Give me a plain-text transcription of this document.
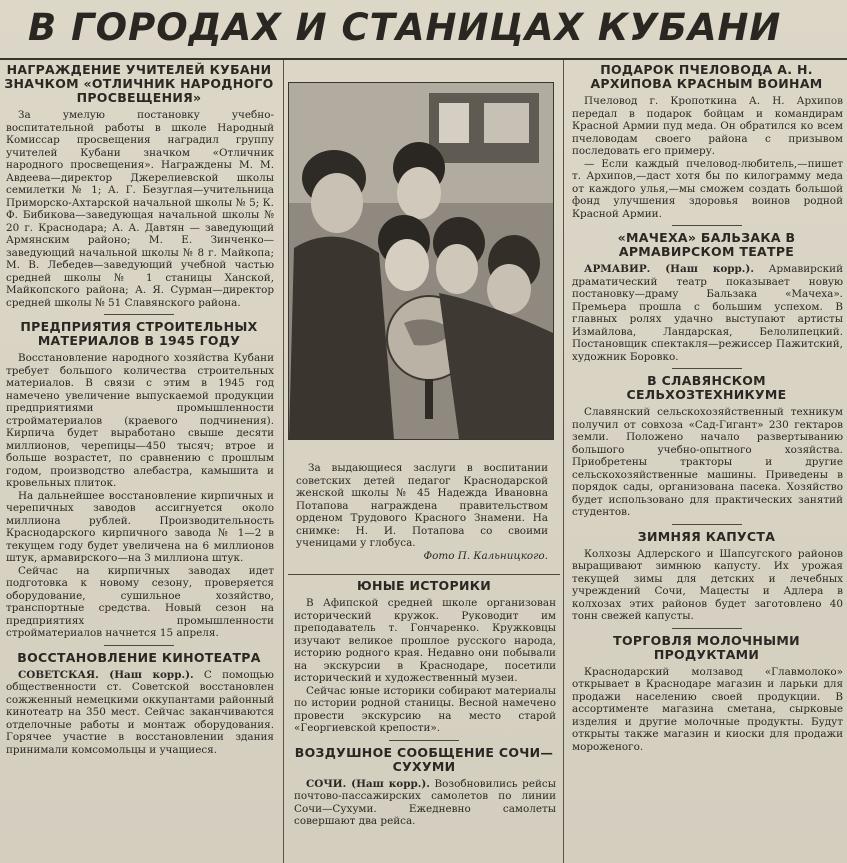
В ГОРОДАХ И СТАНИЦАХ КУБАНИ
НАГРАЖДЕНИЕ УЧИТЕЛЕЙ КУБАНИ ЗНАЧКОМ «ОТЛИЧНИК НАРОДНОГО ПРОСВЕЩЕНИЯ»

За умелую постановку учебно-воспитательной работы в школе Народный Комиссар просвещения наградил группу учителей Кубани значком «Отличник народного просвещения». Награждены М. М. Авдеева—директор Джерелиевской школы семилетки № 1; А. Г. Безуглая—учительница Приморско-Ахтарской начальной школы № 5; К. Ф. Бибикова—заведующая начальной школы № 20 г. Краснодара; А. А. Давтян — заведующий Армянским районо; М. Е. Зинченко—заведующий начальной школы № 8 г. Майкопа; М. В. Лебедев—заведующий учебной частью средней школы № 1 станицы Ханской, Майкопского района; А. Я. Сурман—директор средней школы № 51 Славянского района.

ПРЕДПРИЯТИЯ СТРОИТЕЛЬНЫХ МАТЕРИАЛОВ В 1945 ГОДУ

Восстановление народного хозяйства Кубани требует большого количества строительных материалов. В связи с этим в 1945 год намечено увеличение выпускаемой продукции предприятиями промышленности стройматериалов (краевого подчинения). Кирпича будет выработано свыше десяти миллионов, черепицы—450 тысяч; втрое и больше возрастет, по сравнению с прошлым годом, производство алебастра, камышита и кровельных плиток.

На дальнейшее восстановление кирпичных и черепичных заводов ассигнуется около миллиона рублей. Производительность Краснодарского кирпичного завода № 1—2 в текущем году будет увеличена на 6 миллионов штук, армавирского—на 3 миллиона штук.

Сейчас на кирпичных заводах идет подготовка к новому сезону, проверяется оборудование, сушильное хозяйство, транспортные средства. Новый сезон на предприятиях промышленности стройматериалов начнется 15 апреля.

ВОССТАНОВЛЕНИЕ КИНОТЕАТРА

СОВЕТСКАЯ. (Наш корр.). С помощью общественности ст. Советской восстановлен сожженный немецкими оккупантами районный кинотеатр на 350 мест. Сейчас заканчиваются отделочные работы и монтаж оборудования. Горячее участие в восстановлении здания принимали комсомольцы и учащиеся.

За выдающиеся заслуги в воспитании советских детей педагог Краснодарской женской школы № 45 Надежда Ивановна Потапова награждена правительством орденом Трудового Красного Знамени. На снимке: Н. И. Потапова со своими ученицами у глобуса.

Фото П. Кальницкого.
ЮНЫЕ ИСТОРИКИ

В Афипской средней школе организован исторический кружок. Руководит им преподаватель т. Гончаренко. Кружковцы изучают великое прошлое русского народа, историю родного края. Недавно они побывали на экскурсии в Краснодаре, посетили исторический и художественный музеи.

Сейчас юные историки собирают материалы по истории родной станицы. Весной намечено провести экскурсию на место старой «Георгиевской крепости».

ВОЗДУШНОЕ СООБЩЕНИЕ СОЧИ—СУХУМИ

СОЧИ. (Наш корр.). Возобновились рейсы почтово-пассажирских самолетов по линии Сочи—Сухуми. Ежедневно самолеты совершают два рейса.

ПОДАРОК ПЧЕЛОВОДА А. Н. АРХИПОВА КРАСНЫМ ВОИНАМ

Пчеловод г. Кропоткина А. Н. Архипов передал в подарок бойцам и командирам Красной Армии пуд меда. Он обратился ко всем пчеловодам своего района с призывом последовать его примеру.

— Если каждый пчеловод-любитель,—пишет т. Архипов,—даст хотя бы по килограмму меда от каждого улья,—мы сможем создать большой фонд улучшения здоровья воинов родной Красной Армии.

«МАЧЕХА» БАЛЬЗАКА В АРМАВИРСКОМ ТЕАТРЕ

АРМАВИР. (Наш корр.). Армавирский драматический театр показывает новую постановку—драму Бальзака «Мачеха». Премьера прошла с большим успехом. В главных ролях удачно выступают артисты Измайлова, Ландарская, Белолипецкий. Постановщик спектакля—режиссер Пажитский, художник Боровко.

В СЛАВЯНСКОМ СЕЛЬХОЗТЕХНИКУМЕ

Славянский сельскохозяйственный техникум получил от совхоза «Сад-Гигант» 230 гектаров земли. Положено начало развертыванию большого учебно-опытного хозяйства. Приобретены тракторы и другие сельскохозяйственные машины. Приведены в порядок сады, организована пасека. Хозяйство будет использовано для практических занятий студентов.

ЗИМНЯЯ КАПУСТА

Колхозы Адлерского и Шапсугского районов выращивают зимнюю капусту. Их урожая текущей зимы для детских и лечебных учреждений Сочи, Мацесты и Адлера в колхозах этих районов будет заготовлено 40 тонн свежей капусты.

ТОРГОВЛЯ МОЛОЧНЫМИ ПРОДУКТАМИ

Краснодарский молзавод «Главмолоко» открывает в Краснодаре магазин и ларьки для продажи населению своей продукции. В ассортименте магазина сметана, сырковые изделия и другие молочные продукты. Будут открыты также магазин и киоски для продажи мороженого.
